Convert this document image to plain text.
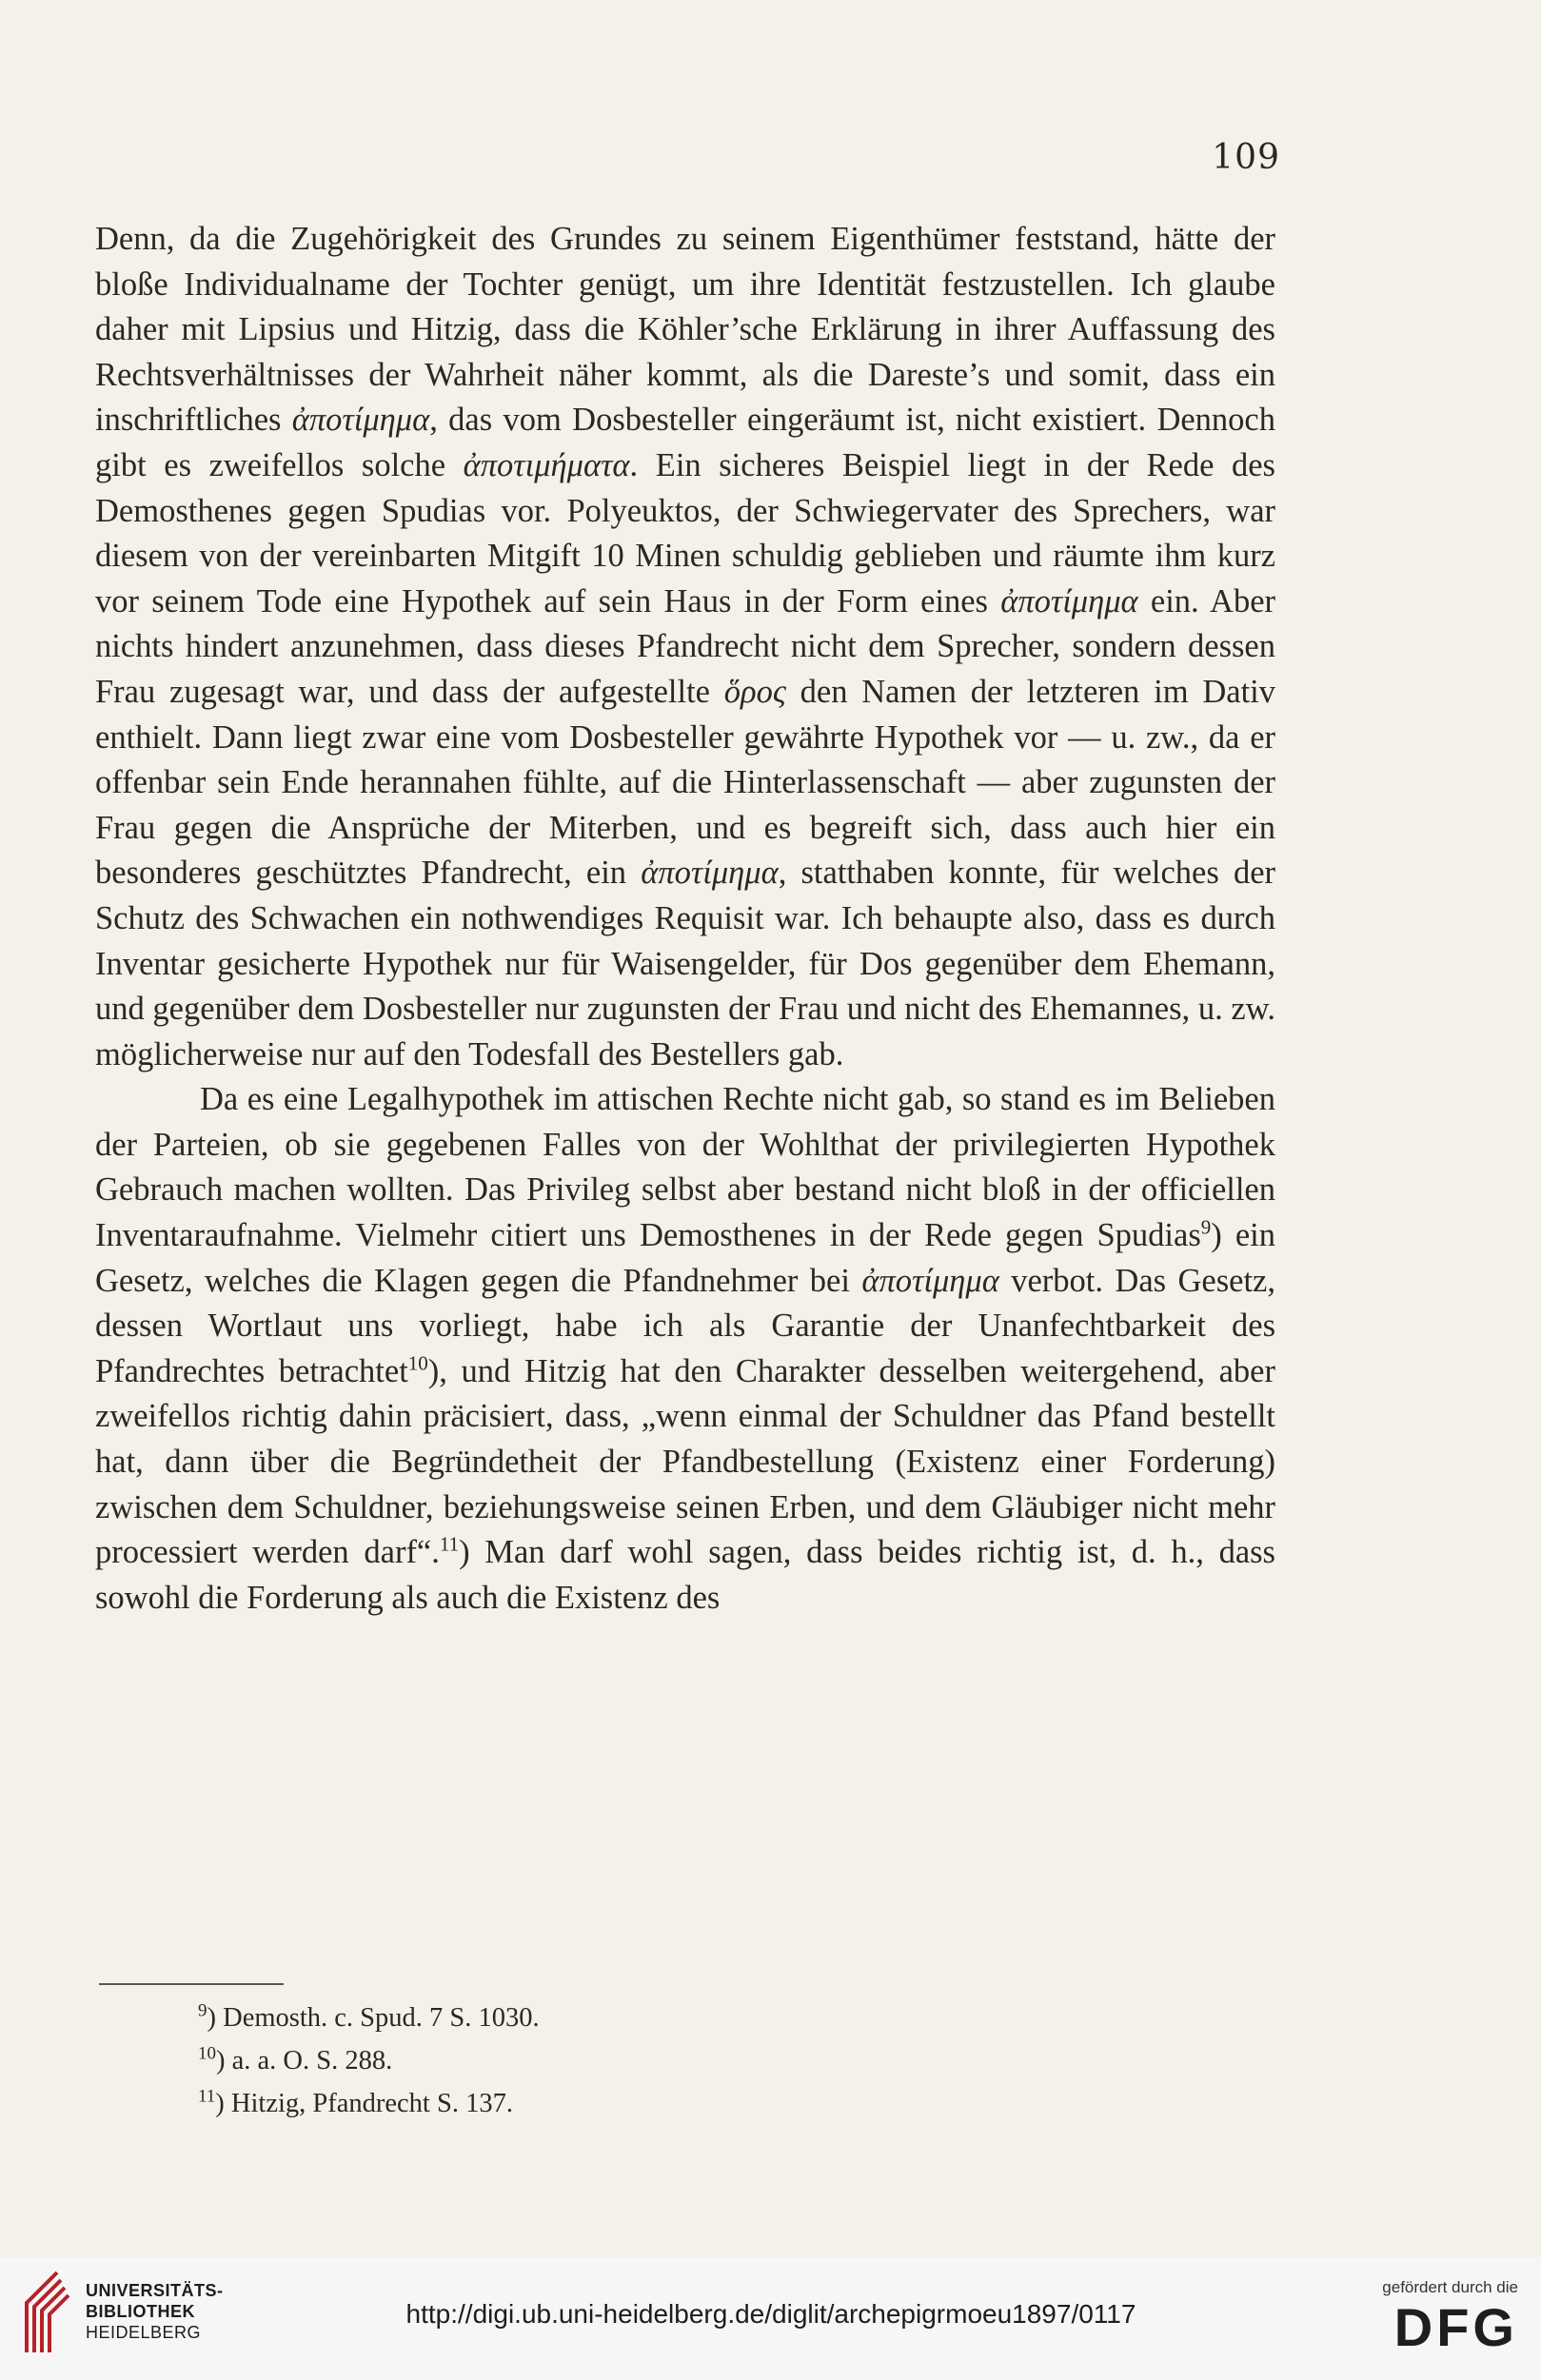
109

Denn, da die Zugehörigkeit des Grundes zu seinem Eigenthümer feststand, hätte der bloße Individualname der Tochter genügt, um ihre Identität festzustellen. Ich glaube daher mit Lipsius und Hitzig, dass die Köhler’sche Erklärung in ihrer Auffassung des Rechtsverhältnisses der Wahrheit näher kommt, als die Dareste’s und somit, dass ein inschriftliches ἀποτίμημα, das vom Dosbesteller eingeräumt ist, nicht existiert. Dennoch gibt es zweifellos solche ἀποτιμήματα. Ein sicheres Beispiel liegt in der Rede des Demosthenes gegen Spudias vor. Polyeuktos, der Schwiegervater des Sprechers, war diesem von der vereinbarten Mitgift 10 Minen schuldig geblieben und räumte ihm kurz vor seinem Tode eine Hypothek auf sein Haus in der Form eines ἀποτίμημα ein. Aber nichts hindert anzunehmen, dass dieses Pfandrecht nicht dem Sprecher, sondern dessen Frau zugesagt war, und dass der aufgestellte ὅρος den Namen der letzteren im Dativ enthielt. Dann liegt zwar eine vom Dosbesteller gewährte Hypothek vor — u. zw., da er offenbar sein Ende herannahen fühlte, auf die Hinterlassenschaft — aber zugunsten der Frau gegen die Ansprüche der Miterben, und es begreift sich, dass auch hier ein besonderes geschütztes Pfandrecht, ein ἀποτίμημα, statthaben konnte, für welches der Schutz des Schwachen ein nothwendiges Requisit war. Ich behaupte also, dass es durch Inventar gesicherte Hypothek nur für Waisengelder, für Dos gegenüber dem Ehemann, und gegenüber dem Dosbesteller nur zugunsten der Frau und nicht des Ehemannes, u. zw. möglicherweise nur auf den Todesfall des Bestellers gab.

Da es eine Legalhypothek im attischen Rechte nicht gab, so stand es im Belieben der Parteien, ob sie gegebenen Falles von der Wohlthat der privilegierten Hypothek Gebrauch machen wollten. Das Privileg selbst aber bestand nicht bloß in der officiellen Inventaraufnahme. Vielmehr citiert uns Demosthenes in der Rede gegen Spudias$^9$) ein Gesetz, welches die Klagen gegen die Pfandnehmer bei ἀποτίμημα verbot. Das Gesetz, dessen Wortlaut uns vorliegt, habe ich als Garantie der Unanfechtbarkeit des Pfandrechtes betrachtet$^{10}$), und Hitzig hat den Charakter desselben weitergehend, aber zweifellos richtig dahin präcisiert, dass, „wenn einmal der Schuldner das Pfand bestellt hat, dann über die Begründetheit der Pfandbestellung (Existenz einer Forderung) zwischen dem Schuldner, beziehungsweise seinen Erben, und dem Gläubiger nicht mehr processiert werden darf“.$^{11}$) Man darf wohl sagen, dass beides richtig ist, d. h., dass sowohl die Forderung als auch die Existenz des

$^9$) Demosth. c. Spud. 7 S. 1030.
$^{10}$) a. a. O. S. 288.
$^{11}$) Hitzig, Pfandrecht S. 137.
UNIVERSITÄTS-
BIBLIOTHEK
HEIDELBERG
http://digi.ub.uni-heidelberg.de/diglit/archepigrmoeu1897/0117
gefördert durch die
DFG
